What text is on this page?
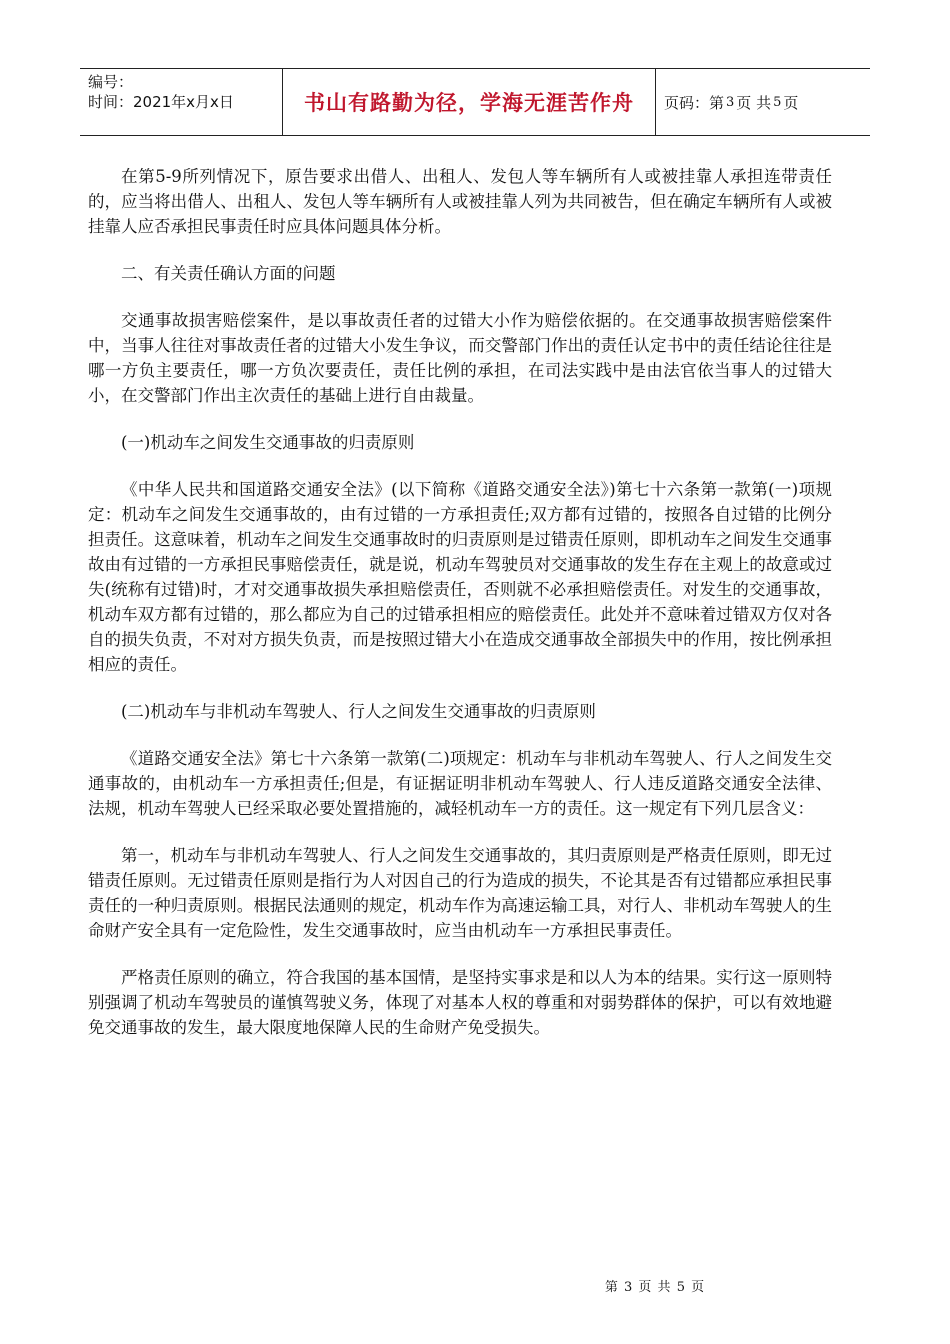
编号：
时间：2021年x月x日	书山有路勤为径，学海无涯苦作舟 页码：第 3 页 共 5 页

在第5-9所列情况下，原告要求出借人、出租人、发包人等车辆所有人或被挂靠人承担连带责任的，应当将出借人、出租人、发包人等车辆所有人或被挂靠人列为共同被告，但在确定车辆所有人或被挂靠人应否承担民事责任时应具体问题具体分析。

二、有关责任确认方面的问题

交通事故损害赔偿案件，是以事故责任者的过错大小作为赔偿依据的。在交通事故损害赔偿案件中，当事人往往对事故责任者的过错大小发生争议，而交警部门作出的责任认定书中的责任结论往往是哪一方负主要责任，哪一方负次要责任，责任比例的承担，在司法实践中是由法官依当事人的过错大小，在交警部门作出主次责任的基础上进行自由裁量。

(一)机动车之间发生交通事故的归责原则

《中华人民共和国道路交通安全法》(以下简称《道路交通安全法》)第七十六条第一款第(一)项规定：机动车之间发生交通事故的，由有过错的一方承担责任;双方都有过错的，按照各自过错的比例分担责任。这意味着，机动车之间发生交通事故时的归责原则是过错责任原则，即机动车之间发生交通事故由有过错的一方承担民事赔偿责任，就是说，机动车驾驶员对交通事故的发生存在主观上的故意或过失(统称有过错)时，才对交通事故损失承担赔偿责任，否则就不必承担赔偿责任。对发生的交通事故，机动车双方都有过错的，那么都应为自己的过错承担相应的赔偿责任。此处并不意味着过错双方仅对各自的损失负责，不对对方损失负责，而是按照过错大小在造成交通事故全部损失中的作用，按比例承担相应的责任。

(二)机动车与非机动车驾驶人、行人之间发生交通事故的归责原则

《道路交通安全法》第七十六条第一款第(二)项规定：机动车与非机动车驾驶人、行人之间发生交通事故的，由机动车一方承担责任;但是，有证据证明非机动车驾驶人、行人违反道路交通安全法律、法规，机动车驾驶人已经采取必要处置措施的，减轻机动车一方的责任。这一规定有下列几层含义：

第一，机动车与非机动车驾驶人、行人之间发生交通事故的，其归责原则是严格责任原则，即无过错责任原则。无过错责任原则是指行为人对因自己的行为造成的损失，不论其是否有过错都应承担民事责任的一种归责原则。根据民法通则的规定，机动车作为高速运输工具，对行人、非机动车驾驶人的生命财产安全具有一定危险性，发生交通事故时，应当由机动车一方承担民事责任。

严格责任原则的确立，符合我国的基本国情，是坚持实事求是和以人为本的结果。实行这一原则特别强调了机动车驾驶员的谨慎驾驶义务，体现了对基本人权的尊重和对弱势群体的保护，可以有效地避免交通事故的发生，最大限度地保障人民的生命财产免受损失。

第 3 页 共 5 页
